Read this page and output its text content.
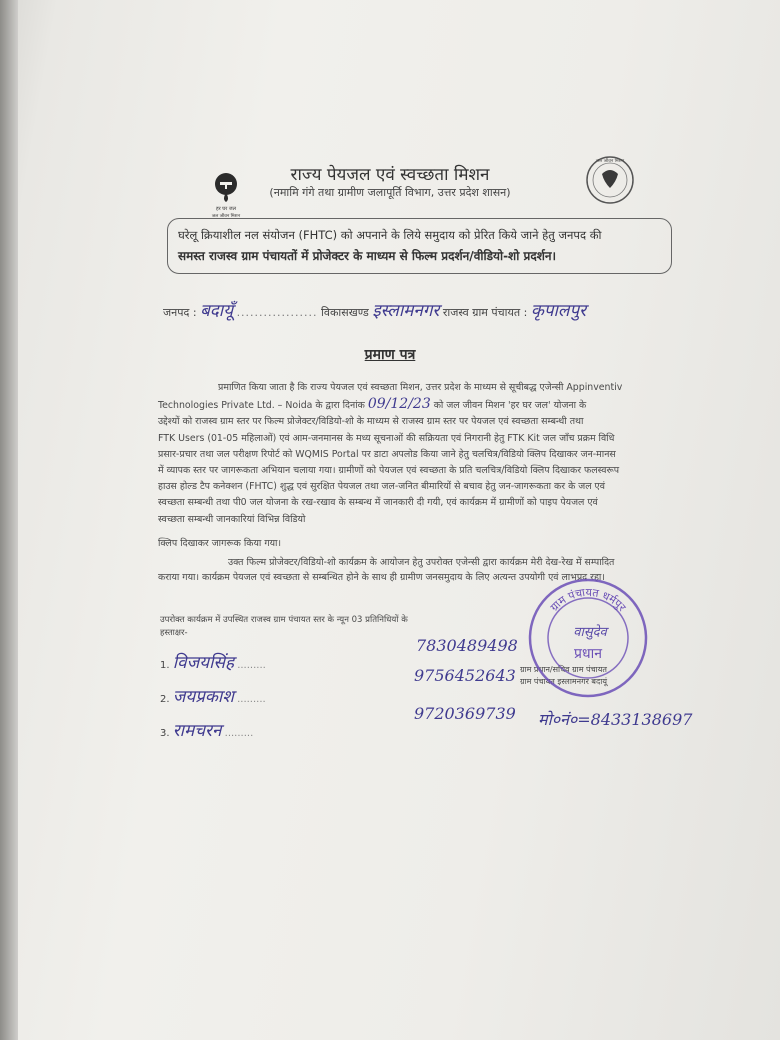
हर घर जल
जल जीवन मिशन
जल जीवन मिशन
राज्य पेयजल एवं स्वच्छता मिशन
(नमामि गंगे तथा ग्रामीण जलापूर्ति विभाग, उत्तर प्रदेश शासन)
घरेलू क्रियाशील नल संयोजन (FHTC) को अपनाने के लिये समुदाय को प्रेरित किये जाने हेतु जनपद की
समस्त राजस्व ग्राम पंचायतों में प्रोजेक्टर के माध्यम से फिल्म प्रदर्शन/वीडियो-शो प्रदर्शन।
जनपद : बदायूँ .................. विकासखण्ड इस्लामनगर राजस्व ग्राम पंचायत : कृपालपुर
प्रमाण पत्र

प्रमाणित किया जाता है कि राज्य पेयजल एवं स्वच्छता मिशन, उत्तर प्रदेश के माध्यम से सूचीबद्ध एजेन्सी Appinventiv

Technologies Private Ltd. – Noida के द्वारा दिनांक 09/12/23 को जल जीवन मिशन 'हर घर जल' योजना के

उद्देश्यों को राजस्व ग्राम स्तर पर फिल्म प्रोजेक्टर/विडियो-शो के माध्यम से राजस्व ग्राम स्तर पर पेयजल एवं स्वच्छता सम्बन्धी तथा

FTK Users (01-05 महिलाओं) एवं आम-जनमानस के मध्य सूचनाओं की सक्रियता एवं निगरानी हेतु FTK Kit जल जाँच प्रक्रम विधि

प्रसार-प्रचार तथा जल परीक्षण रिपोर्ट को WQMIS Portal पर डाटा अपलोड किया जाने हेतु चलचित्र/विडियो क्लिप दिखाकर जन-मानस

में व्यापक स्तर पर जागरूकता अभियान चलाया गया। ग्रामीणों को पेयजल एवं स्वच्छता के प्रति चलचित्र/विडियो क्लिप दिखाकर फलस्वरूप

हाउस होल्ड टैप कनेक्शन (FHTC) शुद्ध एवं सुरक्षित पेयजल तथा जल-जनित बीमारियों से बचाव हेतु जन-जागरूकता कर के जल एवं

स्वच्छता सम्बन्धी तथा पी0 जल योजना के रख-रखाव के सम्बन्ध में जानकारी दी गयी, एवं कार्यक्रम में ग्रामीणों को पाइप पेयजल एवं

स्वच्छता सम्बन्धी जानकारियां विभिन्न विडियो

क्लिप दिखाकर जागरूक किया गया।

उक्त फिल्म प्रोजेक्टर/विडियो-शो कार्यक्रम के आयोजन हेतु उपरोक्त एजेन्सी द्वारा कार्यक्रम मेरी देख-रेख में सम्पादित

कराया गया। कार्यक्रम पेयजल एवं स्वच्छता से सम्बन्धित होने के साथ ही ग्रामीण जनसमुदाय के लिए अत्यन्त उपयोगी एवं लाभप्रद रहा।

उपरोक्त कार्यक्रम में उपस्थित राजस्व ग्राम पंचायत स्तर के न्यून 03 प्रतिनिधियों के
हस्ताक्षर-
1. विजयसिंह .........
2. जयप्रकाश .........
3. रामचरन .........
7830489498
9756452643
9720369739 मो०नं०=8433138697
ग्राम प्रधान/सचिव ग्राम पंचायत
ग्राम पंचायत इस्लामनगर बदायूं
ग्राम पंचायत धर्मपुर
वासुदेव
प्रधान
